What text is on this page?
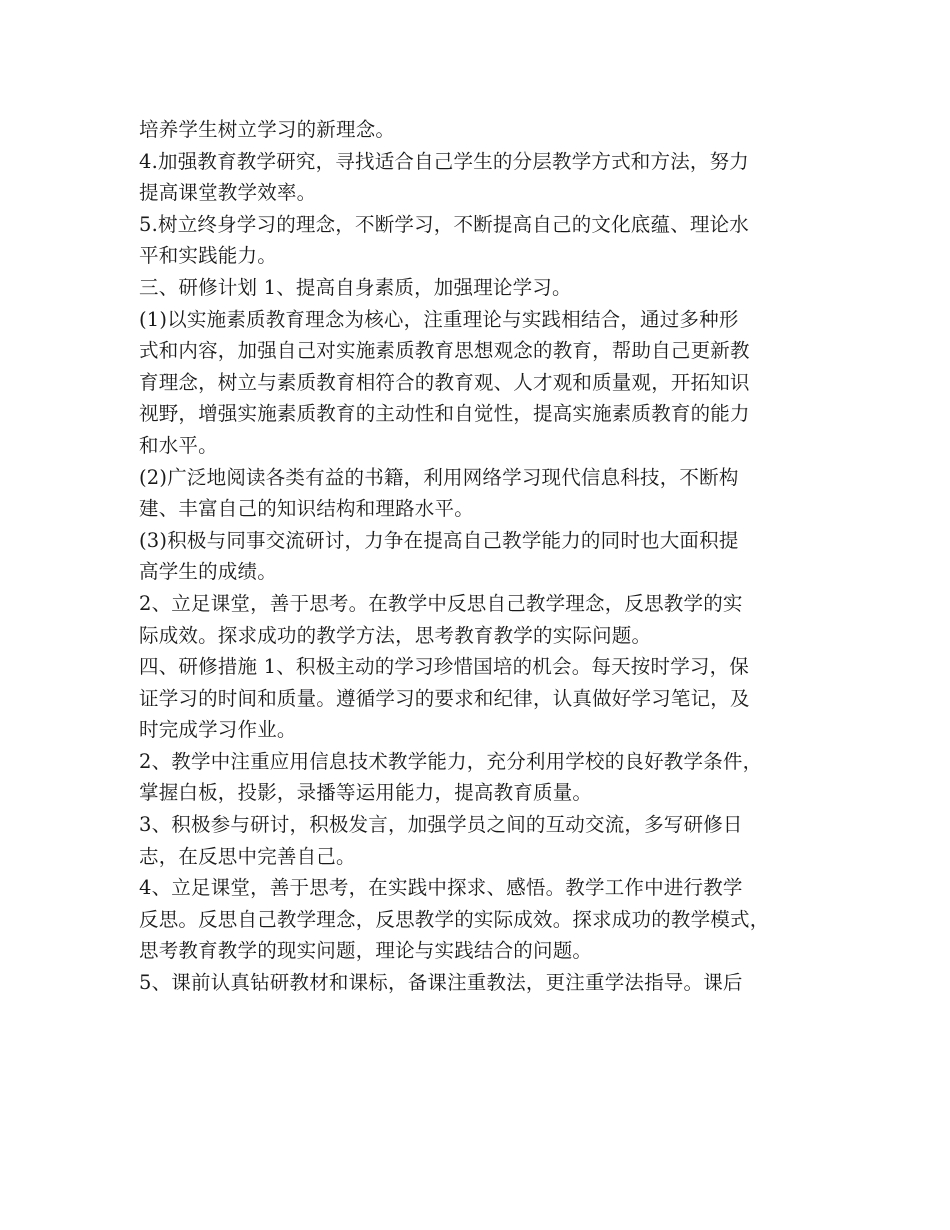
培养学生树立学习的新理念。
4.加强教育教学研究，寻找适合自己学生的分层教学方式和方法，努力
提高课堂教学效率。
5.树立终身学习的理念，不断学习，不断提高自己的文化底蕴、理论水
平和实践能力。
三、研修计划 1、提高自身素质，加强理论学习。
(1)以实施素质教育理念为核心，注重理论与实践相结合，通过多种形
式和内容，加强自己对实施素质教育思想观念的教育，帮助自己更新教
育理念，树立与素质教育相符合的教育观、人才观和质量观，开拓知识
视野，增强实施素质教育的主动性和自觉性，提高实施素质教育的能力
和水平。
(2)广泛地阅读各类有益的书籍，利用网络学习现代信息科技，不断构
建、丰富自己的知识结构和理路水平。
(3)积极与同事交流研讨，力争在提高自己教学能力的同时也大面积提
高学生的成绩。
2、立足课堂，善于思考。在教学中反思自己教学理念，反思教学的实
际成效。探求成功的教学方法，思考教育教学的实际问题。
四、研修措施 1、积极主动的学习珍惜国培的机会。每天按时学习，保
证学习的时间和质量。遵循学习的要求和纪律，认真做好学习笔记，及
时完成学习作业。
2、教学中注重应用信息技术教学能力，充分利用学校的良好教学条件，
掌握白板，投影，录播等运用能力，提高教育质量。
3、积极参与研讨，积极发言，加强学员之间的互动交流，多写研修日
志，在反思中完善自己。
4、立足课堂，善于思考，在实践中探求、感悟。教学工作中进行教学
反思。反思自己教学理念，反思教学的实际成效。探求成功的教学模式，
思考教育教学的现实问题，理论与实践结合的问题。
5、课前认真钻研教材和课标，备课注重教法，更注重学法指导。课后
